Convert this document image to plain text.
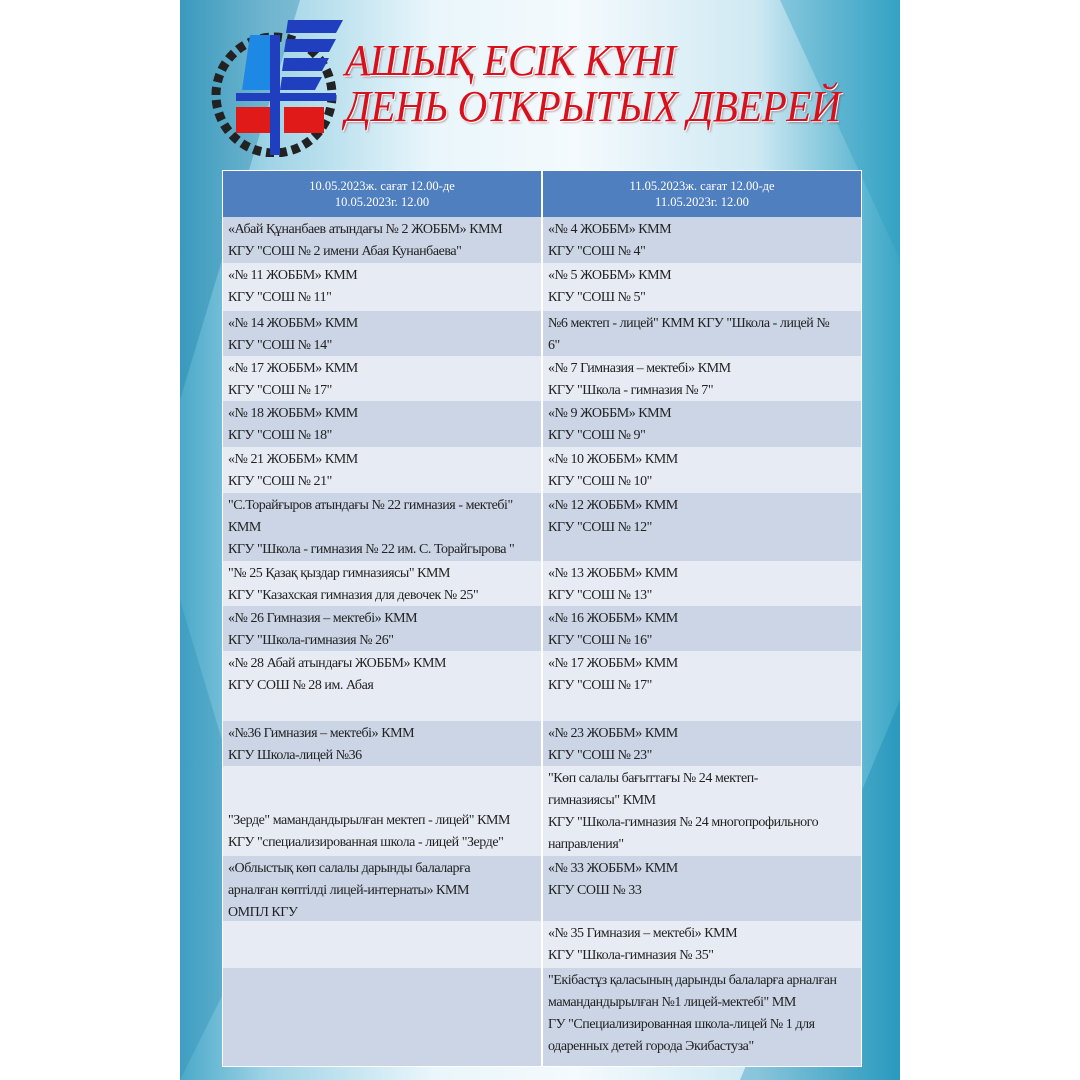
АШЫҚ ЕСІК КҮНІ
ДЕНЬ ОТКРЫТЫХ ДВЕРЕЙ
10.05.2023ж. сағат 12.00-де
10.05.2023г. 12.00
11.05.2023ж. сағат 12.00-де
11.05.2023г. 12.00
«Абай Құнанбаев атындағы № 2 ЖОББМ» КММ
КГУ "СОШ № 2 имени Абая Кунанбаева"
«№ 4 ЖОББМ» КММ
КГУ "СОШ № 4"
«№ 11 ЖОББМ» КММ
КГУ "СОШ № 11"
«№ 5 ЖОББМ» КММ
КГУ "СОШ № 5"
«№ 14 ЖОББМ» КММ
КГУ "СОШ № 14"
№6 мектеп - лицей" КММ КГУ "Школа - лицей №
6"
«№ 17 ЖОББМ» КММ
КГУ "СОШ № 17"
«№ 7 Гимназия – мектебі» КММ
КГУ "Школа - гимназия № 7"
«№ 18 ЖОББМ» КММ
КГУ "СОШ № 18"
«№ 9 ЖОББМ» КММ
КГУ "СОШ № 9"
«№ 21 ЖОББМ» КММ
КГУ "СОШ № 21"
«№ 10 ЖОББМ» КММ
КГУ "СОШ № 10"
"С.Торайғыров атындағы № 22 гимназия - мектебі"
КММ
КГУ "Школа - гимназия № 22 им. С. Торайгырова "
«№ 12 ЖОББМ» КММ
КГУ "СОШ № 12"
"№ 25 Қазақ қыздар гимназиясы" КММ
КГУ "Казахская гимназия для девочек № 25"
«№ 13 ЖОББМ» КММ
КГУ "СОШ № 13"
«№ 26 Гимназия – мектебі» КММ
КГУ "Школа-гимназия № 26"
«№ 16 ЖОББМ» КММ
КГУ "СОШ № 16"
«№ 28 Абай атындағы ЖОББМ» КММ
КГУ СОШ № 28 им. Абая
«№ 17 ЖОББМ» КММ
КГУ "СОШ № 17"
«№36 Гимназия – мектебі» КММ
КГУ Школа-лицей №36
«№ 23 ЖОББМ» КММ
КГУ "СОШ № 23"
"Зерде" мамандандырылған мектеп - лицей" КММ
КГУ "специализированная школа - лицей "Зерде"
"Көп салалы бағыттағы № 24 мектеп-
гимназиясы" КММ
КГУ "Школа-гимназия № 24 многопрофильного
направления"
«Облыстық көп салалы дарынды балаларға
арналған көптілді лицей-интернаты» КММ
ОМПЛ КГУ
«№ 33 ЖОББМ» КММ
КГУ СОШ № 33
«№ 35 Гимназия – мектебі» КММ
КГУ "Школа-гимназия № 35"
"Екібастұз қаласының дарынды балаларға арналған
мамандандырылған №1 лицей-мектебі" ММ
ГУ "Специализированная школа-лицей № 1 для
одаренных детей города Экибастуза"
